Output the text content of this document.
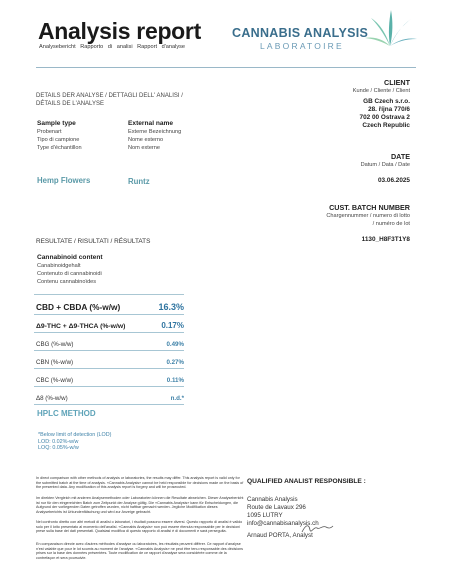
Analysis report
Analysebericht Rapporto di analisi Rapport d'analyse
CANNABIS ANALYSIS
LABORATOIRE
CLIENT
Kunde / Cliente / Client
GB Czech s.r.o.
28. října 770/6
702 00 Ostrava 2
Czech Republic
DETAILS DER ANALYSE / DETTAGLI DELL' ANALISI /
DÉTAILS DE L'ANALYSE
Sample type
Probenart
Tipo di campione
Type d'échantillon
External name
Externe Bezeichnung
Nome esterno
Nom externe
Hemp Flowers	Runtz
DATE
Datum / Data / Date
03.06.2025
CUST. BATCH NUMBER
Chargennummer / numero di lotto
/ numéro de lot
1130_H8F3T1Y8
RESULTATE / RISULTATI / RÉSULTATS
Cannabinoid content
Canabinoidgehalt
Contenuto di cannabinoidi
Contenu cannabinoïdes
CBD + CBDA (%-w/w)	16.3%
Δ9-THC + Δ9-THCA (%-w/w)	0.17%
CBG (%-w/w)	0.49%
CBN (%-w/w)	0.27%
CBC (%-w/w)	0.11%
Δ8 (%-w/w)	n.d.*
HPLC METHOD
*Below limit of detection (LOD)
LOD: 0.02%-w/w
LOQ: 0.05%-w/w
In direct comparison with other methods of analysis or laboratories, the results may differ. This analysis report is valid only for the submitted batch at the time of analysis. «Cannabis Analysis» cannot be held responsible for decisions made on the basis of the presented data. Any modification of this analysis report is forgery and will be prosecuted.
Im direkten Vergleich mit anderen Analysemethoden oder Laboratorien können die Resultate abweichen. Dieser Analysebericht ist nur für den eingereichten Batch zum Zeitpunkt der Analyse gültig. Die «Cannabis Analysis» kann für Entscheidungen, die Aufgrund der vorliegenden Daten getroffen wurden, nicht haftbar gemacht werden. Jegliche Modifikation dieses Analyseberichts ist Urkundenfälschung und wird zur Anzeige gebracht.
Nel confronto diretto con altri metodi di analisi o laboratori, i risultati possono essere diversi. Questo rapporto di analisi è valido solo per il lotto presentato al momento dell'analisi. «Cannabis Analysis» non può essere ritenuta responsabile per le decisioni prese sulla base dei dati presentati. Qualsiasi modifica di questo rapporto di analisi è di documenti e sarà perseguita.
En comparaison directe avec d'autres méthodes d'analyse ou laboratoires, les résultats peuvent différer. Ce rapport d'analyse n'est valable que pour le lot soumis au moment de l'analyse. «Cannabis Analysis» ne peut être tenu responsable des décisions prises sur la base des données présentées. Toute modification de ce rapport d'analyse sera considérée comme de la contrefaçon et sera poursuivie.
QUALIFIED ANALIST RESPONSIBLE :
Cannabis Analysis
Route de Lavaux 296
1095 LUTRY
info@cannabisanalysis.ch
Arnaud PORTA, Analyst
